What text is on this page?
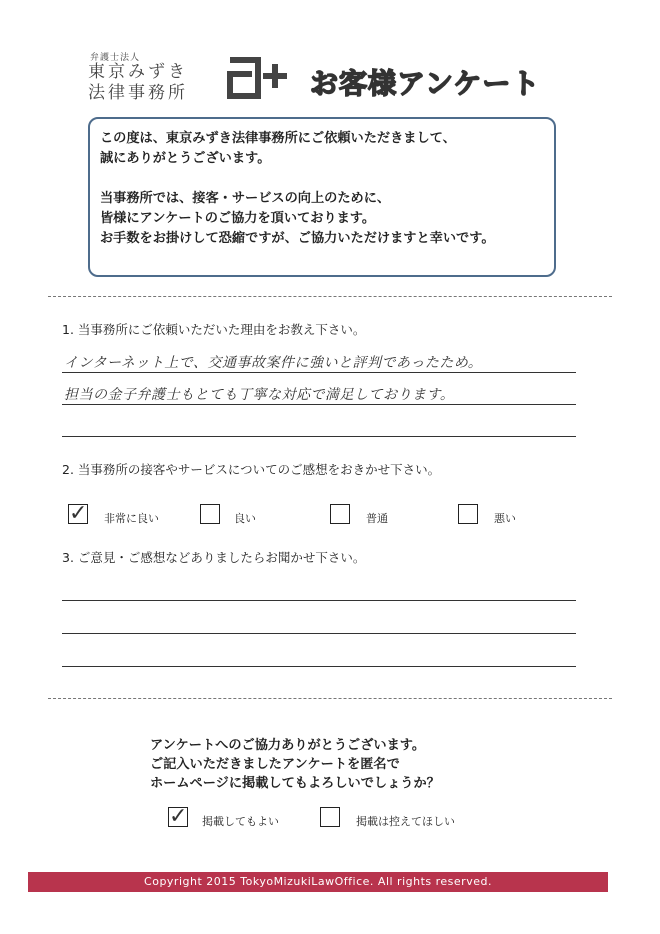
弁護士法人
東京みずき
法律事務所	お客様アンケート

この度は、東京みずき法律事務所にご依頼いただきまして、

誠にありがとうございます。

当事務所では、接客・サービスの向上のために、

皆様にアンケートのご協力を頂いております。

お手数をお掛けして恐縮ですが、ご協力いただけますと幸いです。

1. 当事務所にご依頼いただいた理由をお教え下さい。
インターネット上で、交通事故案件に強いと評判であったため。
担当の金子弁護士もとても丁寧な対応で満足しております。
2. 当事務所の接客やサービスについてのご感想をおきかせ下さい。
✓ 非常に良い	良い	普通	悪い
3. ご意見・ご感想などありましたらお聞かせ下さい。

アンケートへのご協力ありがとうございます。

ご記入いただきましたアンケートを匿名で

ホームページに掲載してもよろしいでしょうか？

✓ 掲載してもよい	掲載は控えてほしい
Copyright 2015 TokyoMizukiLawOffice. All rights reserved.
